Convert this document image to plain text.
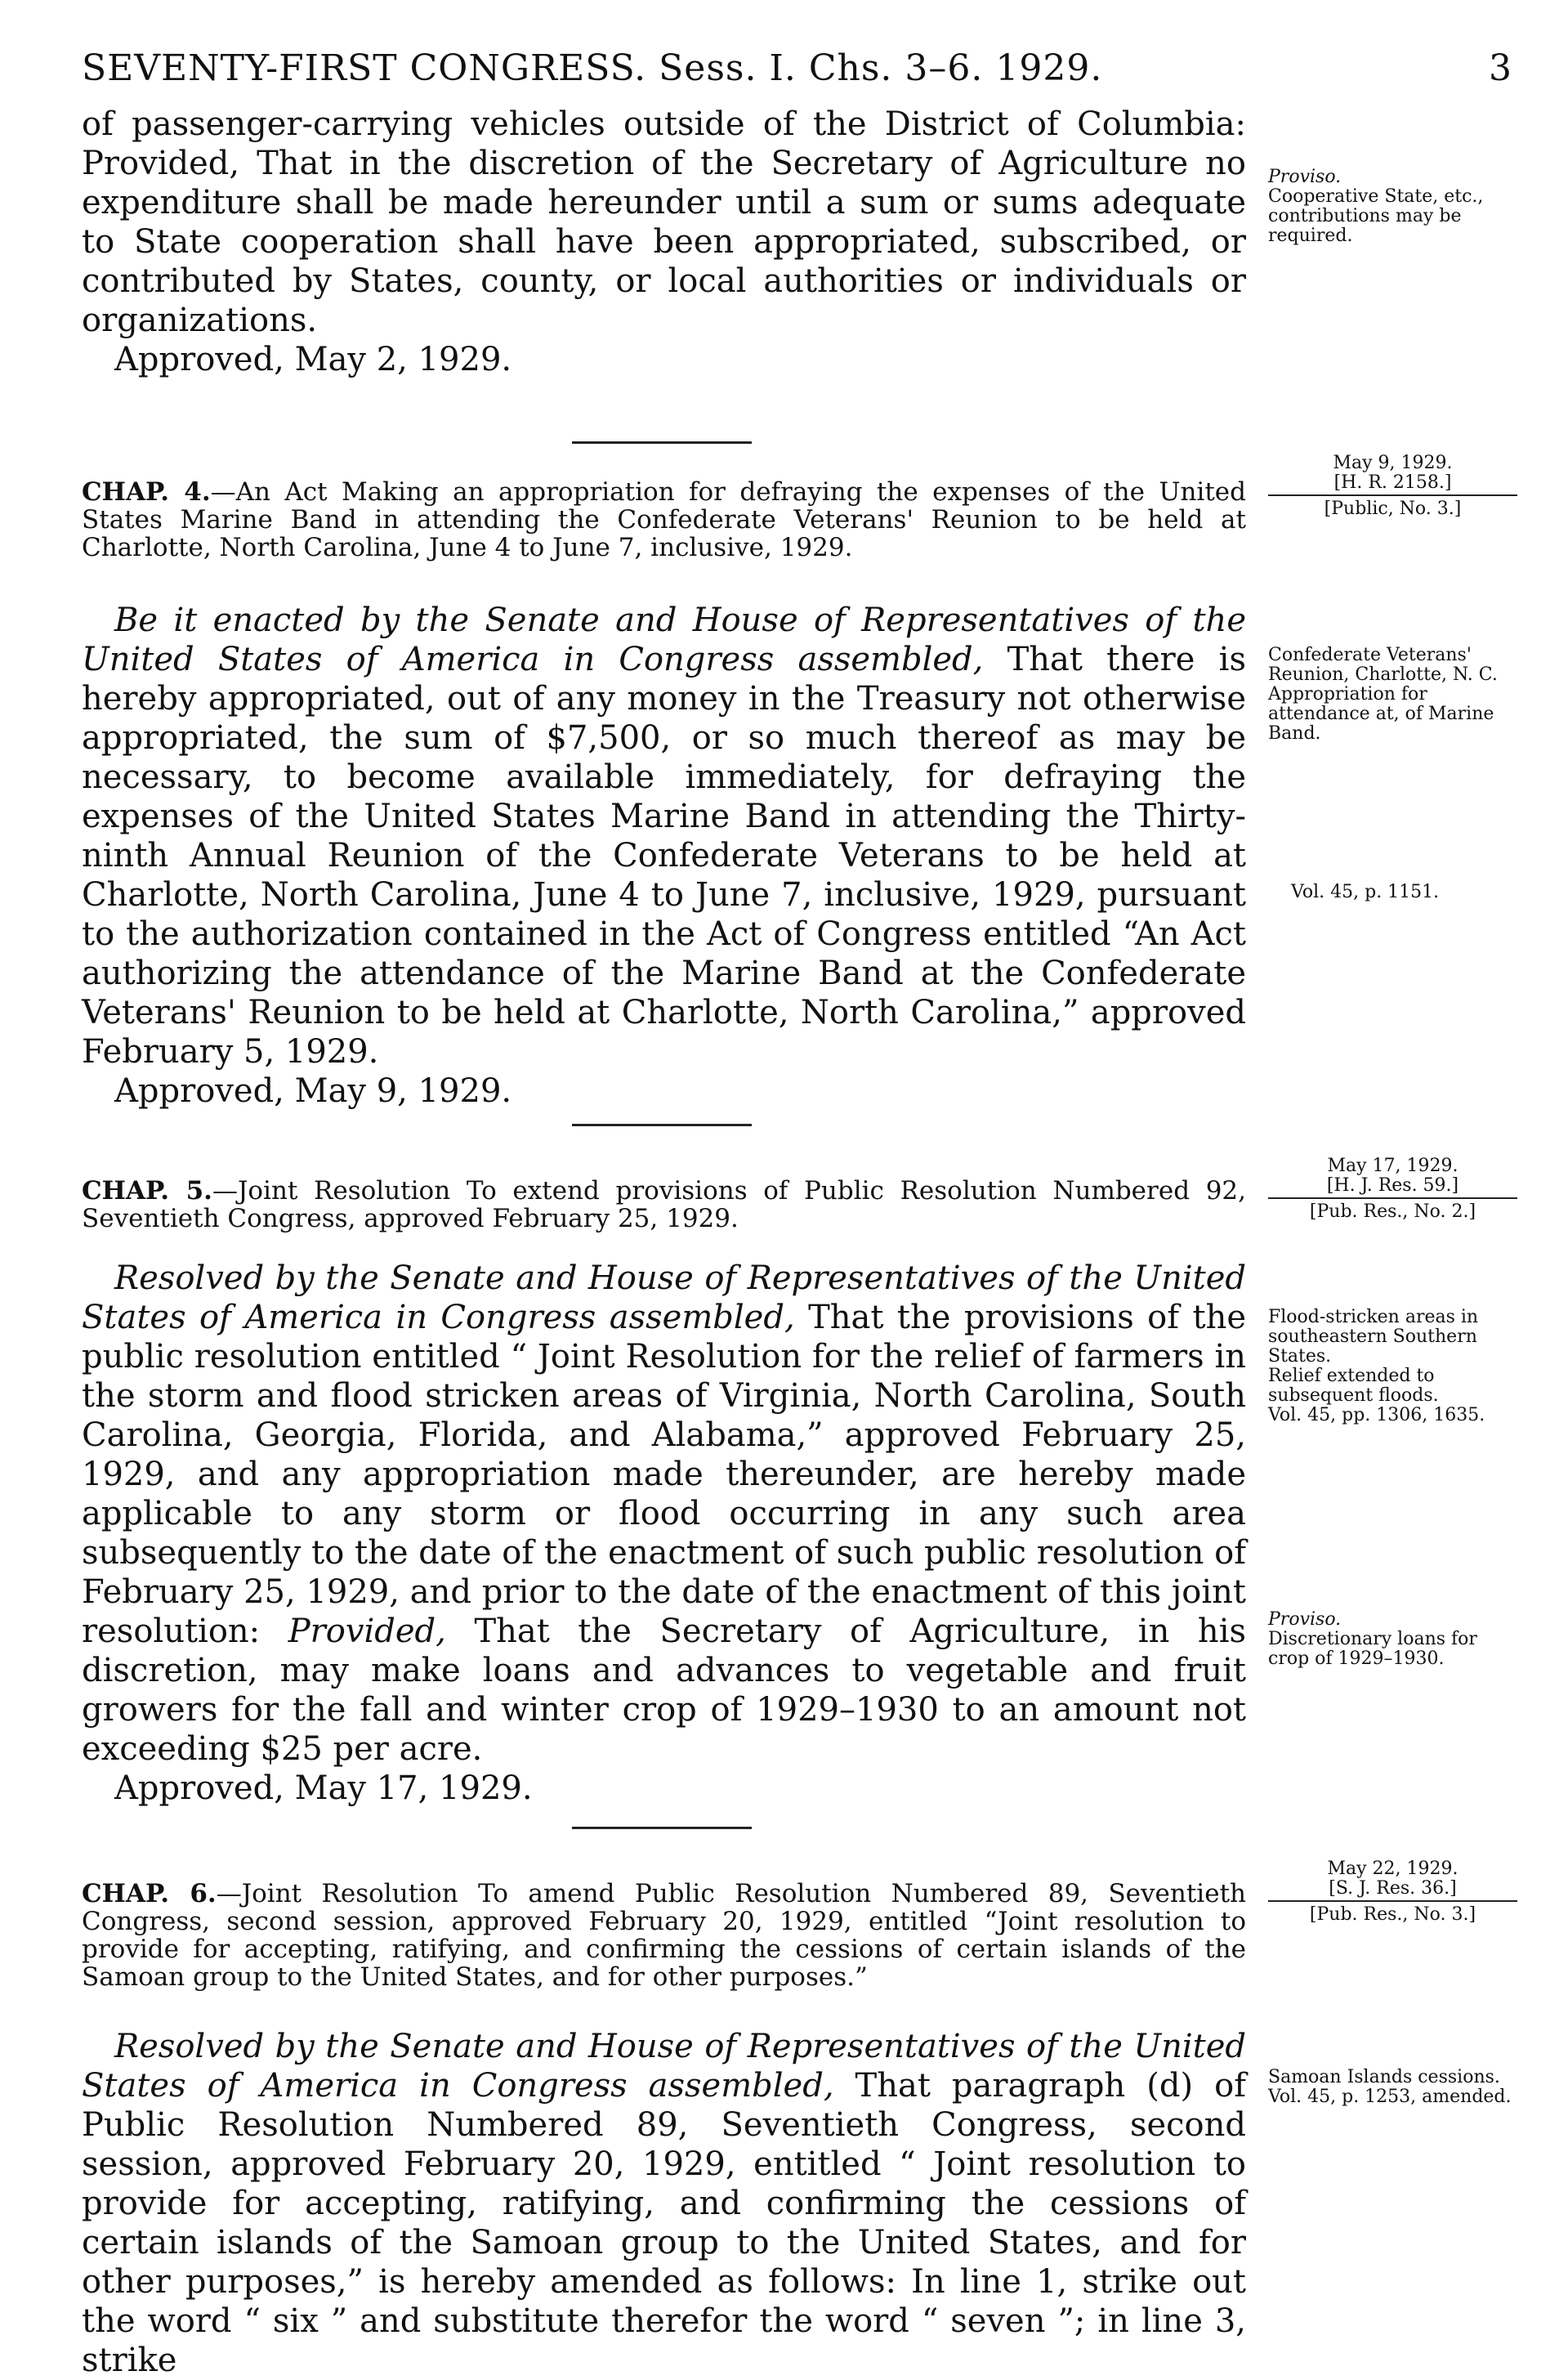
SEVENTY-FIRST CONGRESS. Sess. I. Chs. 3–6. 1929.	3

of passenger-carrying vehicles outside of the District of Columbia: Provided, That in the discretion of the Secretary of Agriculture no expenditure shall be made hereunder until a sum or sums adequate to State cooperation shall have been appropriated, subscribed, or contributed by States, county, or local authorities or individuals or organizations.

Approved, May 2, 1929.

CHAP. 4.—An Act Making an appropriation for defraying the expenses of the United States Marine Band in attending the Confederate Veterans' Reunion to be held at Charlotte, North Carolina, June 4 to June 7, inclusive, 1929.

Be it enacted by the Senate and House of Representatives of the United States of America in Congress assembled, That there is hereby appropriated, out of any money in the Treasury not otherwise appropriated, the sum of $7,500, or so much thereof as may be necessary, to become available immediately, for defraying the expenses of the United States Marine Band in attending the Thirty-ninth Annual Reunion of the Confederate Veterans to be held at Charlotte, North Carolina, June 4 to June 7, inclusive, 1929, pursuant to the authorization contained in the Act of Congress entitled “An Act authorizing the attendance of the Marine Band at the Confederate Veterans' Reunion to be held at Charlotte, North Carolina,” approved February 5, 1929.

Approved, May 9, 1929.

CHAP. 5.—Joint Resolution To extend provisions of Public Resolution Numbered 92, Seventieth Congress, approved February 25, 1929.

Resolved by the Senate and House of Representatives of the United States of America in Congress assembled, That the provisions of the public resolution entitled “ Joint Resolution for the relief of farmers in the storm and flood stricken areas of Virginia, North Carolina, South Carolina, Georgia, Florida, and Alabama,” approved February 25, 1929, and any appropriation made thereunder, are hereby made applicable to any storm or flood occurring in any such area subsequently to the date of the enactment of such public resolution of February 25, 1929, and prior to the date of the enactment of this joint resolution: Provided, That the Secretary of Agriculture, in his discretion, may make loans and advances to vegetable and fruit growers for the fall and winter crop of 1929–1930 to an amount not exceeding $25 per acre.

Approved, May 17, 1929.

CHAP. 6.—Joint Resolution To amend Public Resolution Numbered 89, Seventieth Congress, second session, approved February 20, 1929, entitled “Joint resolution to provide for accepting, ratifying, and confirming the cessions of certain islands of the Samoan group to the United States, and for other purposes.”

Resolved by the Senate and House of Representatives of the United States of America in Congress assembled, That paragraph (d) of Public Resolution Numbered 89, Seventieth Congress, second session, approved February 20, 1929, entitled “ Joint resolution to provide for accepting, ratifying, and confirming the cessions of certain islands of the Samoan group to the United States, and for other purposes,” is hereby amended as follows: In line 1, strike out the word “ six ” and substitute therefor the word “ seven ”; in line 3, strike

Proviso.

Cooperative State, etc., contributions may be required.

May 9, 1929.

[H. R. 2158.]

[Public, No. 3.]

Confederate Veterans' Reunion, Charlotte, N. C.

Appropriation for attendance at, of Marine Band.

Vol. 45, p. 1151.

May 17, 1929.

[H. J. Res. 59.]

[Pub. Res., No. 2.]

Flood-stricken areas in southeastern Southern States.

Relief extended to subsequent floods.

Vol. 45, pp. 1306, 1635.

Proviso.

Discretionary loans for crop of 1929–1930.

May 22, 1929.

[S. J. Res. 36.]

[Pub. Res., No. 3.]

Samoan Islands cessions.

Vol. 45, p. 1253, amended.
